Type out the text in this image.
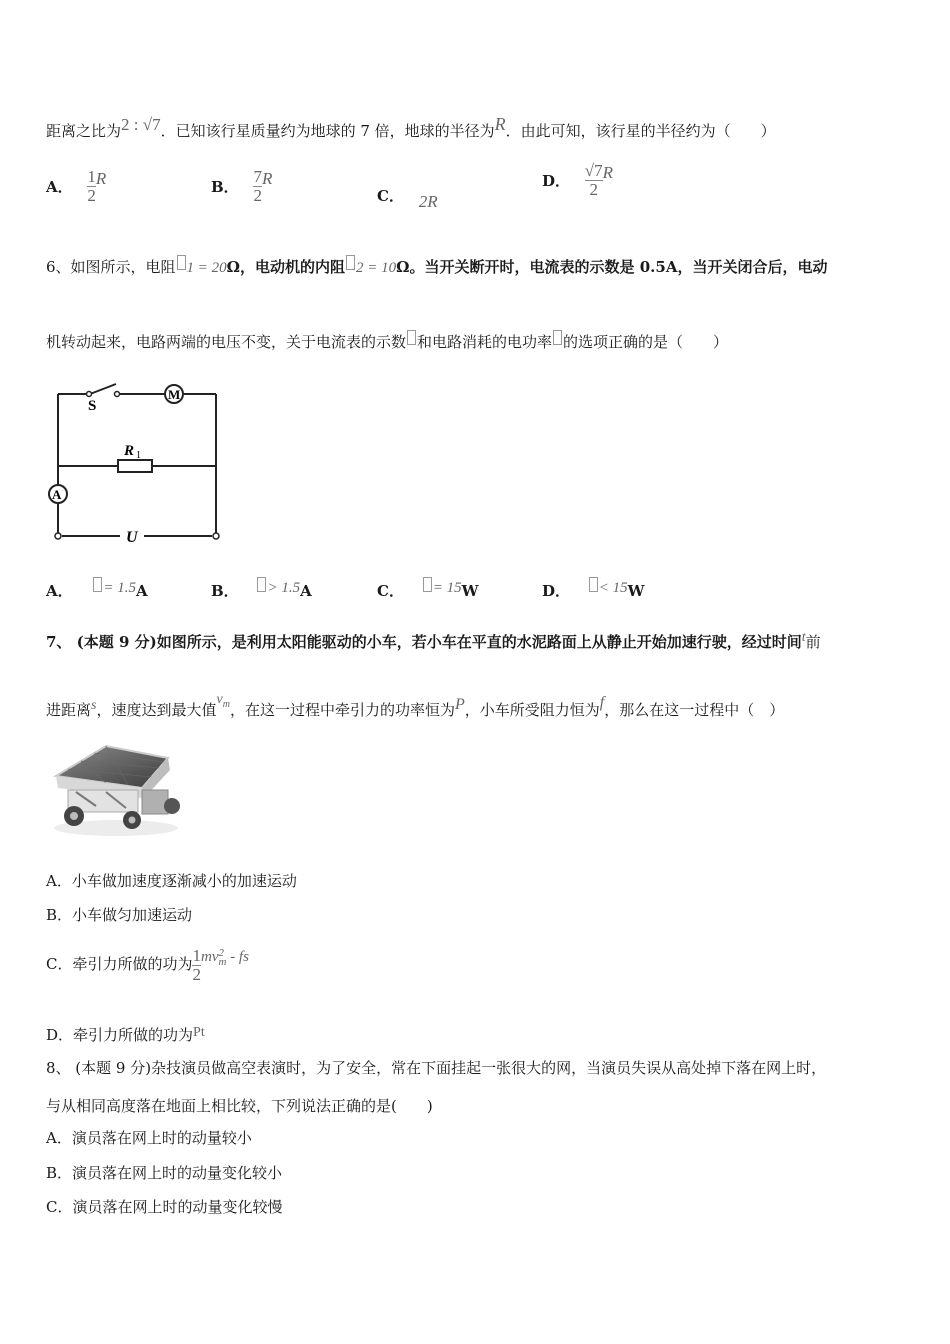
距离之比为2 : √7．已知该行星质量约为地球的 7 倍，地球的半径为R．由此可知，该行星的半径约为（　　）
A． $\frac{1}{2}$ R	B． $\frac{7}{2}$ R
C． 2R
D． $\frac{√7}{2}$ R
6、如图所示，电阻 1 = 20Ω，电动机的内阻 2 = 10Ω。当开关断开时，电流表的示数是 0.5A，当开关闭合后，电动
机转动起来，电路两端的电压不变，关于电流表的示数 和电路消耗的电功率 的选项正确的是（　　）
S
M
R 1
A
U
A． = 1.5A	B． > 1.5A	C． = 15W	D． < 15W
7、 (本题 9 分)如图所示，是利用太阳能驱动的小车，若小车在平直的水泥路面上从静止开始加速行驶，经过时间t前
进距离s，速度达到最大值$v_m$，在这一过程中牵引力的功率恒为P，小车所受阻力恒为f，那么在这一过程中（　）
A．小车做加速度逐渐减小的加速运动
B．小车做匀加速运动
C．牵引力所做的功为 $\frac{1}{2}$ mv 2
m - fs
D．牵引力所做的功为Pt
8、 (本题 9 分)杂技演员做高空表演时，为了安全，常在下面挂起一张很大的网，当演员失误从高处掉下落在网上时，
与从相同高度落在地面上相比较，下列说法正确的是(　　)
A．演员落在网上时的动量较小
B．演员落在网上时的动量变化较小
C．演员落在网上时的动量变化较慢
